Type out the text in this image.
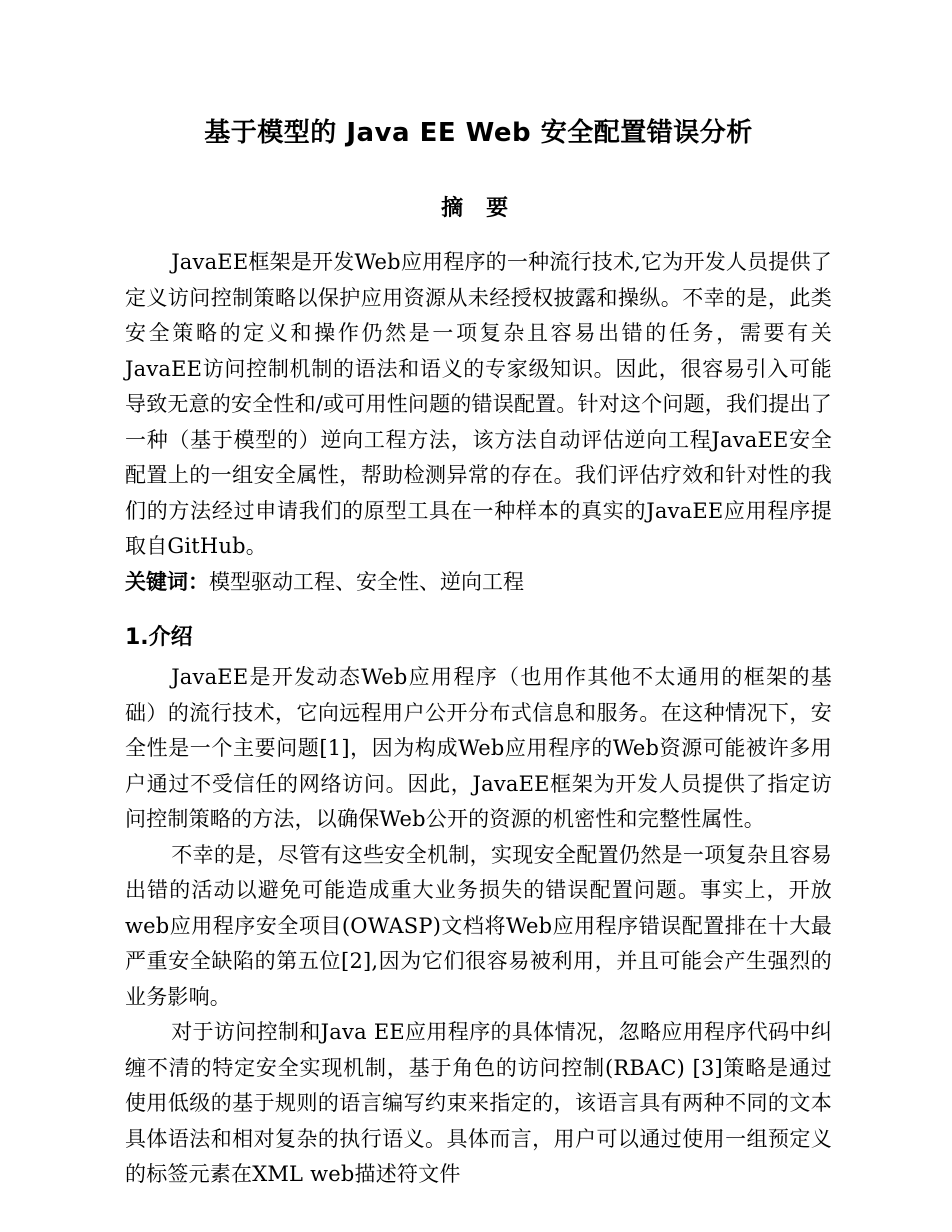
基于模型的 Java EE Web 安全配置错误分析
摘 要

JavaEE框架是开发Web应用程序的一种流行技术,它为开发人员提供了定义访问控制策略以保护应用资源从未经授权披露和操纵。不幸的是，此类安全策略的定义和操作仍然是一项复杂且容易出错的任务，需要有关JavaEE访问控制机制的语法和语义的专家级知识。因此，很容易引入可能导致无意的安全性和/或可用性问题的错误配置。针对这个问题，我们提出了一种（基于模型的）逆向工程方法，该方法自动评估逆向工程JavaEE安全配置上的一组安全属性，帮助检测异常的存在。我们评估疗效和针对性的我们的方法经过申请我们的原型工具在一种样本的真实的JavaEE应用程序提取自GitHub。

关键词：模型驱动工程、安全性、逆向工程

1.介绍

JavaEE是开发动态Web应用程序（也用作其他不太通用的框架的基础）的流行技术，它向远程用户公开分布式信息和服务。在这种情况下，安全性是一个主要问题[1]，因为构成Web应用程序的Web资源可能被许多用户通过不受信任的网络访问。因此，JavaEE框架为开发人员提供了指定访问控制策略的方法，以确保Web公开的资源的机密性和完整性属性。

不幸的是，尽管有这些安全机制，实现安全配置仍然是一项复杂且容易出错的活动以避免可能造成重大业务损失的错误配置问题。事实上，开放web应用程序安全项目(OWASP)文档将Web应用程序错误配置排在十大最严重安全缺陷的第五位[2],因为它们很容易被利用，并且可能会产生强烈的业务影响。

对于访问控制和Java EE应用程序的具体情况，忽略应用程序代码中纠缠不清的特定安全实现机制，基于角色的访问控制(RBAC) [3]策略是通过使用低级的基于规则的语言编写约束来指定的，该语言具有两种不同的文本具体语法和相对复杂的执行语义。具体而言，用户可以通过使用一组预定义的标签元素在XML web描述符文件
